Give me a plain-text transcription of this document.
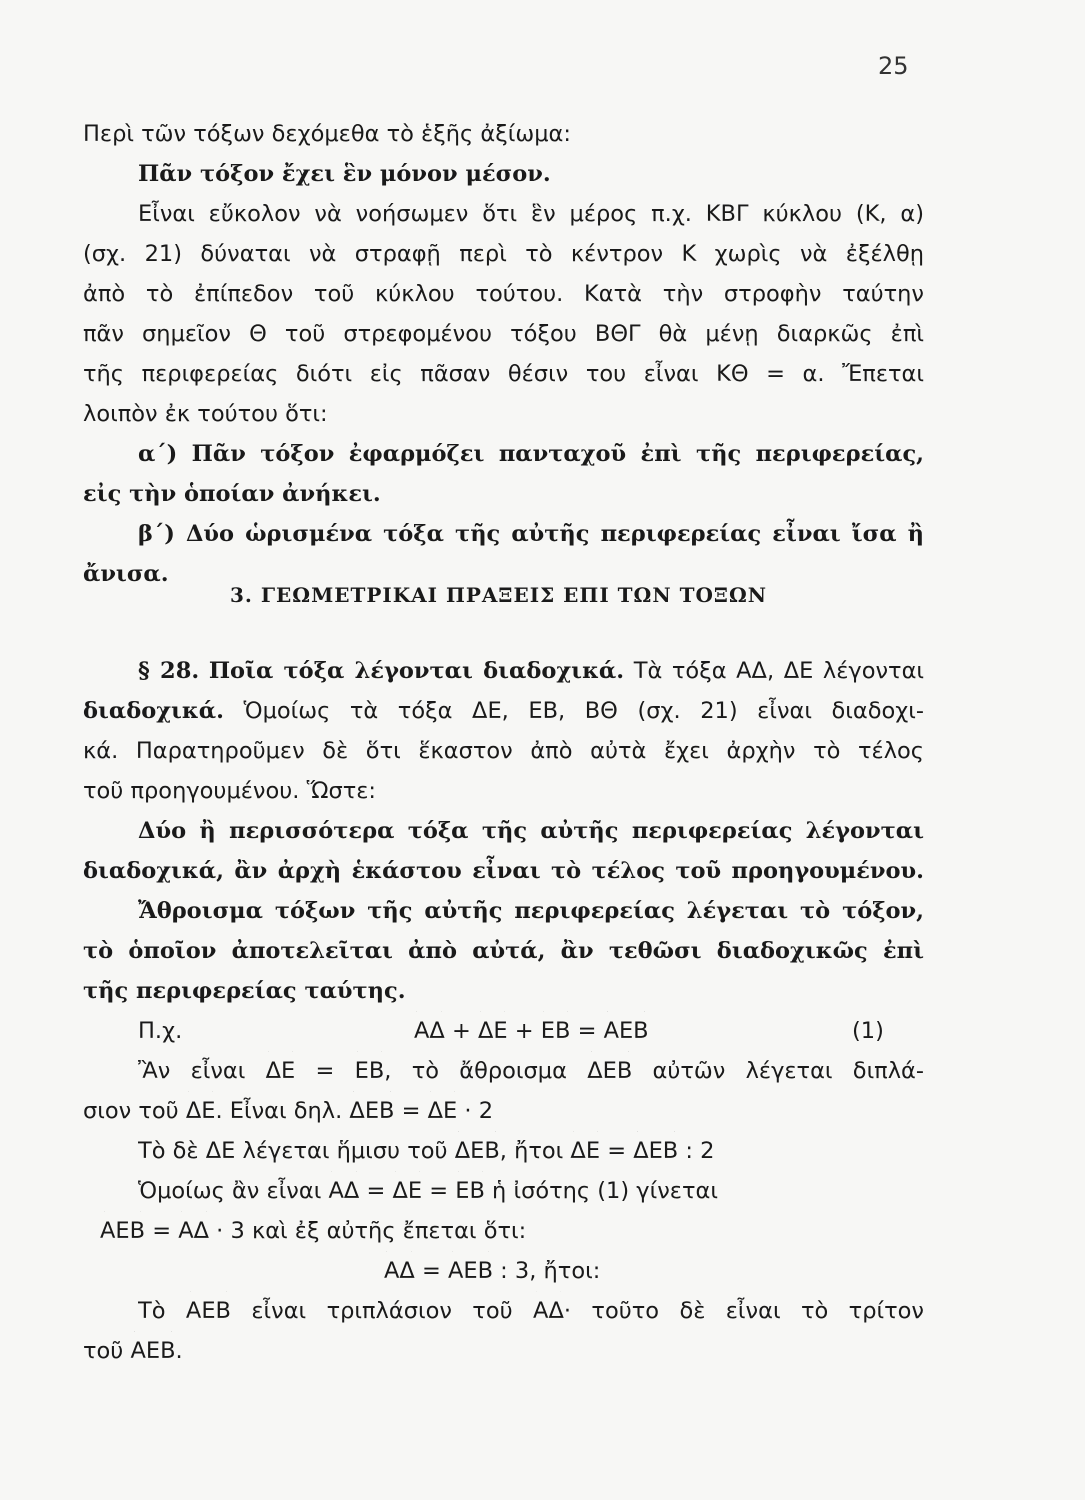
25
Περὶ τῶν τόξων δεχόμεθα τὸ ἑξῆς ἀξίωμα:
Πᾶν τόξον ἔχει ἓν μόνον μέσον.
Εἶναι εὔκολον νὰ νοήσωμεν ὅτι ἓν μέρος π.χ. ΚΒΓ κύκλου (Κ, α)
(σχ. 21) δύναται νὰ στραφῇ περὶ τὸ κέντρον Κ χωρὶς νὰ ἐξέλθῃ
ἀπὸ τὸ ἐπίπεδον τοῦ κύκλου τούτου. Κατὰ τὴν στροφὴν ταύτην
πᾶν σημεῖον Θ τοῦ στρεφομένου τόξου ΒΘΓ θὰ μένῃ διαρκῶς ἐπὶ
τῆς περιφερείας διότι εἰς πᾶσαν θέσιν του εἶναι ΚΘ = α. Ἔπεται
λοιπὸν ἐκ τούτου ὅτι:
α΄) Πᾶν τόξον ἐφαρμόζει πανταχοῦ ἐπὶ τῆς περιφερείας,
εἰς τὴν ὁποίαν ἀνήκει.
β΄) Δύο ὡρισμένα τόξα τῆς αὐτῆς περιφερείας εἶναι ἴσα ἢ
ἄνισα.
3. ΓΕΩΜΕΤΡΙΚΑΙ ΠΡΑΞΕΙΣ ΕΠΙ ΤΩΝ ΤΟΞΩΝ
§ 28. Ποῖα τόξα λέγονται διαδοχικά. Τὰ τόξα ΑΔ, ΔΕ λέγονται
διαδοχικά. Ὁμοίως τὰ τόξα ΔΕ, ΕΒ, ΒΘ (σχ. 21) εἶναι διαδοχι-
κά. Παρατηροῦμεν δὲ ὅτι ἕκαστον ἀπὸ αὐτὰ ἔχει ἀρχὴν τὸ τέλος
τοῦ προηγουμένου. Ὥστε:
Δύο ἢ περισσότερα τόξα τῆς αὐτῆς περιφερείας λέγονται
διαδοχικά, ἂν ἀρχὴ ἑκάστου εἶναι τὸ τέλος τοῦ προηγουμένου.
Ἄθροισμα τόξων τῆς αὐτῆς περιφερείας λέγεται τὸ τόξον,
τὸ ὁποῖον ἀποτελεῖται ἀπὸ αὐτά, ἂν τεθῶσι διαδοχικῶς ἐπὶ
τῆς περιφερείας ταύτης.
Π.χ.	ΑΔ + ΔΕ + ΕΒ = ΑΕΒ	(1)
Ἂν εἶναι ΔΕ = ΕΒ, τὸ ἄθροισμα ΔΕΒ αὐτῶν λέγεται διπλά-
σιον τοῦ ΔΕ. Εἶναι δηλ. ΔΕΒ = ΔΕ · 2
Τὸ δὲ ΔΕ λέγεται ἥμισυ τοῦ ΔΕΒ, ἤτοι ΔΕ = ΔΕΒ : 2
Ὁμοίως ἂν εἶναι ΑΔ = ΔΕ = ΕΒ ἡ ἰσότης (1) γίνεται
ΑΕΒ = ΑΔ · 3 καὶ ἐξ αὐτῆς ἔπεται ὅτι:
ΑΔ = ΑΕΒ : 3, ἤτοι:
Τὸ ΑΕΒ εἶναι τριπλάσιον τοῦ ΑΔ· τοῦτο δὲ εἶναι τὸ τρίτον
τοῦ ΑΕΒ.
